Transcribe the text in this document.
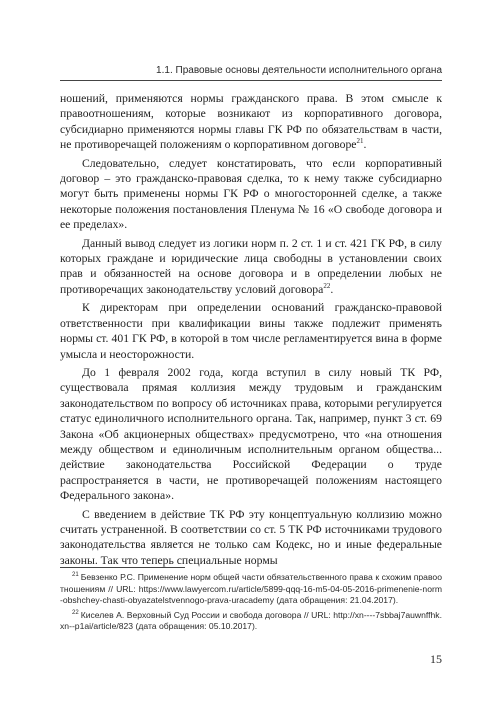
1.1. Правовые основы деятельности исполнительного органа

ношений, применяются нормы гражданского права. В этом смысле к правоотношениям, которые возникают из корпоративного договора, субсидиарно применяются нормы главы ГК РФ по обязательствам в части, не противоречащей положениям о корпоративном договоре$^{21}$.

Следовательно, следует констатировать, что если корпоративный договор – это гражданско-правовая сделка, то к нему также субсидиарно могут быть применены нормы ГК РФ о многосторонней сделке, а также некоторые положения постановления Пленума № 16 «О свободе договора и ее пределах».

Данный вывод следует из логики норм п. 2 ст. 1 и ст. 421 ГК РФ, в силу которых граждане и юридические лица свободны в установлении своих прав и обязанностей на основе договора и в определении любых не противоречащих законодательству условий договора$^{22}$.

К директорам при определении оснований гражданско-правовой ответственности при квалификации вины также подлежит применять нормы ст. 401 ГК РФ, в которой в том числе регламентируется вина в форме умысла и неосторожности.

До 1 февраля 2002 года, когда вступил в силу новый ТК РФ, существовала прямая коллизия между трудовым и гражданским законодательством по вопросу об источниках права, которыми регулируется статус единоличного исполнительного органа. Так, например, пункт 3 ст. 69 Закона «Об акционерных обществах» предусмотрено, что «на отношения между обществом и единоличным исполнительным органом общества... действие законодательства Российской Федерации о труде распространяется в части, не противоречащей положениям настоящего Федерального закона».

С введением в действие ТК РФ эту концептуальную коллизию можно считать устраненной. В соответствии со ст. 5 ТК РФ источниками трудового законодательства является не только сам Кодекс, но и иные федеральные законы. Так что теперь специальные нормы

$^{21}$ Бевзенко Р.С. Применение норм общей части обязательственного права к схожим правоотношениям // URL: https://www.lawyercom.ru/article/5899-qqq-16-m5-04-05-2016-primenenie-norm-obshchey-chasti-obyazatelstvennogo-prava-uracademy (дата обращения: 21.04.2017).

$^{22}$ Киселев А. Верховный Суд России и свобода договора // URL: http://xn----7sbbaj7auwnffhk.xn--p1ai/article/823 (дата обращения: 05.10.2017).

15
